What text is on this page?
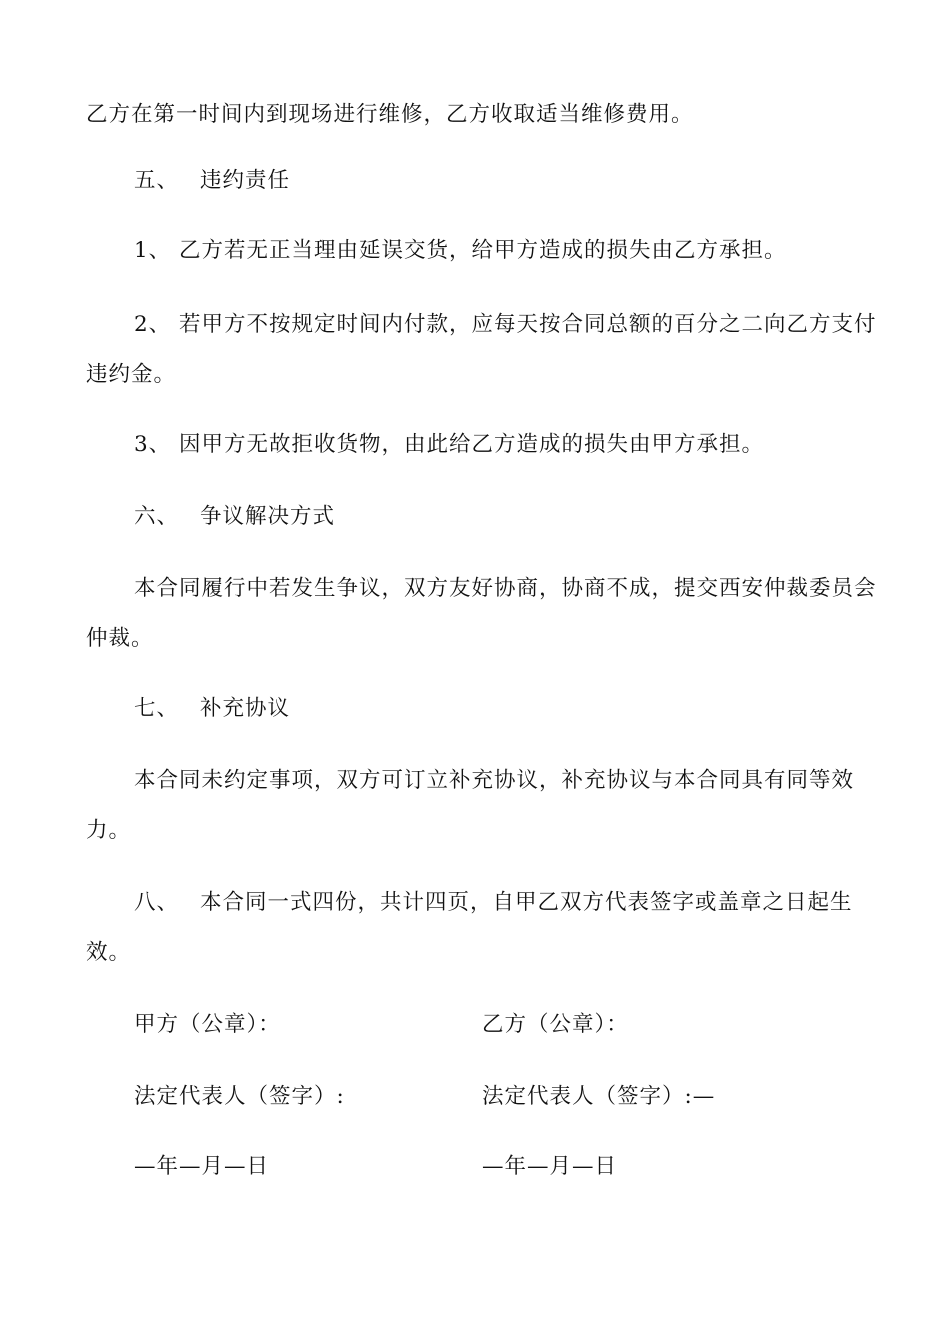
乙方在第一时间内到现场进行维修，乙方收取适当维修费用。
五、 违约责任
1、 乙方若无正当理由延误交货，给甲方造成的损失由乙方承担。
2、 若甲方不按规定时间内付款，应每天按合同总额的百分之二向乙方支付
违约金。
3、 因甲方无故拒收货物，由此给乙方造成的损失由甲方承担。
六、 争议解决方式
本合同履行中若发生争议，双方友好协商，协商不成，提交西安仲裁委员会
仲裁。
七、 补充协议
本合同未约定事项，双方可订立补充协议，补充协议与本合同具有同等效
力。
八、 本合同一式四份，共计四页，自甲乙双方代表签字或盖章之日起生
效。
甲方（公章）：	乙方（公章）：
法定代表人（签字）:	法定代表人（签字）:—
—年—月—日	—年—月—日
